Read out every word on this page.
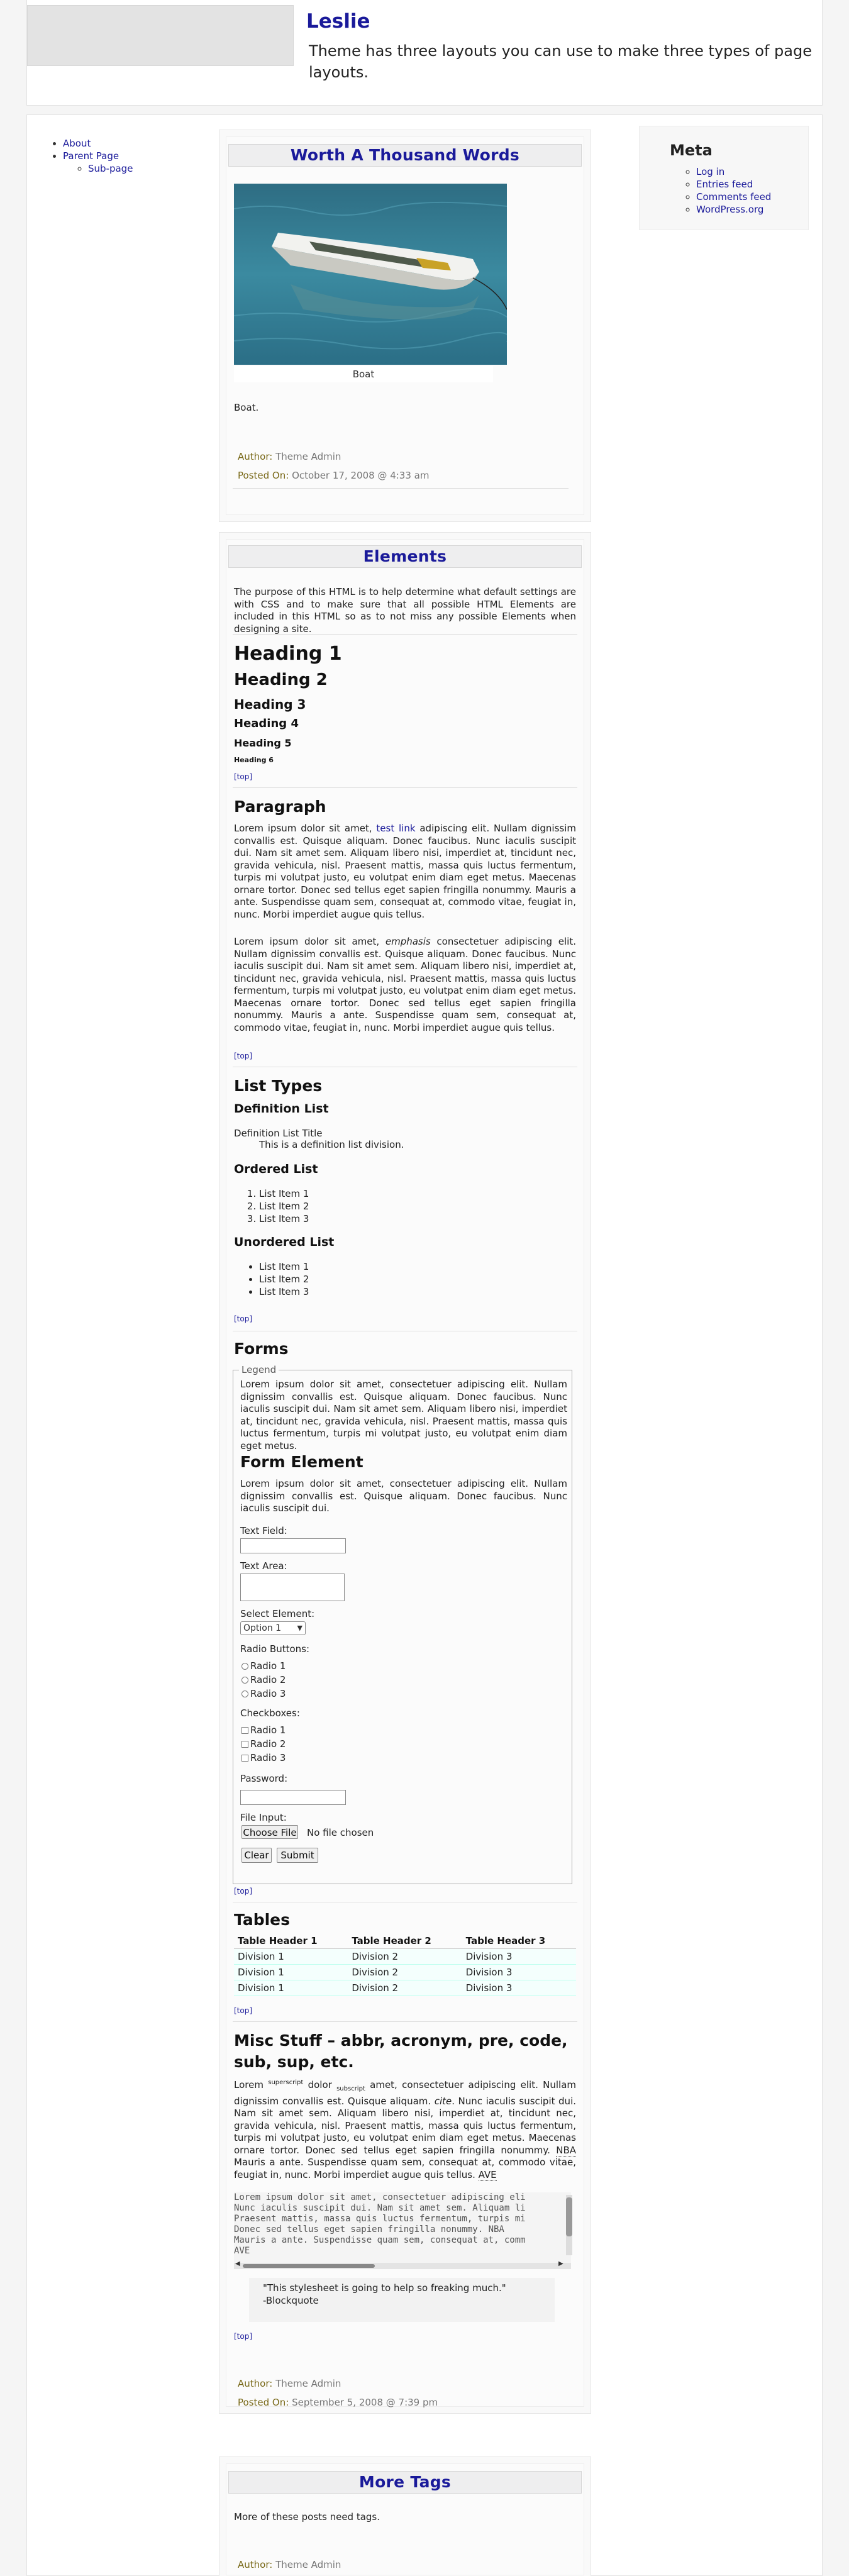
Leslie
Theme has three layouts you can use to make three types of page layouts.
• About
• Parent Page
◦ Sub-page
Meta
◦ Log in
◦ Entries feed
◦ Comments feed
◦ WordPress.org
Worth A Thousand Words
Boat
Boat.
Author: Theme Admin
Posted On: October 17, 2008 @ 4:33 am
Elements
The purpose of this HTML is to help determine what default settings are with CSS and to make sure that all possible HTML Elements are included in this HTML so as to not miss any possible Elements when designing a site.
Heading 1
Heading 2
Heading 3
Heading 4
Heading 5
Heading 6
[top]
Paragraph
Lorem ipsum dolor sit amet, test link adipiscing elit. Nullam dignissim convallis est. Quisque aliquam. Donec faucibus. Nunc iaculis suscipit dui. Nam sit amet sem. Aliquam libero nisi, imperdiet at, tincidunt nec, gravida vehicula, nisl. Praesent mattis, massa quis luctus fermentum, turpis mi volutpat justo, eu volutpat enim diam eget metus. Maecenas ornare tortor. Donec sed tellus eget sapien fringilla nonummy. Mauris a ante. Suspendisse quam sem, consequat at, commodo vitae, feugiat in, nunc. Morbi imperdiet augue quis tellus.
Lorem ipsum dolor sit amet, emphasis consectetuer adipiscing elit. Nullam dignissim convallis est. Quisque aliquam. Donec faucibus. Nunc iaculis suscipit dui. Nam sit amet sem. Aliquam libero nisi, imperdiet at, tincidunt nec, gravida vehicula, nisl. Praesent mattis, massa quis luctus fermentum, turpis mi volutpat justo, eu volutpat enim diam eget metus. Maecenas ornare tortor. Donec sed tellus eget sapien fringilla nonummy. Mauris a ante. Suspendisse quam sem, consequat at, commodo vitae, feugiat in, nunc. Morbi imperdiet augue quis tellus.
[top]
List Types
Definition List
Definition List Title
This is a definition list division.
Ordered List
1. List Item 1
2. List Item 2
3. List Item 3
Unordered List
• List Item 1
• List Item 2
• List Item 3
[top]
Forms
Legend
Lorem ipsum dolor sit amet, consectetuer adipiscing elit. Nullam dignissim convallis est. Quisque aliquam. Donec faucibus. Nunc iaculis suscipit dui. Nam sit amet sem. Aliquam libero nisi, imperdiet at, tincidunt nec, gravida vehicula, nisl. Praesent mattis, massa quis luctus fermentum, turpis mi volutpat justo, eu volutpat enim diam eget metus.
Form Element
Lorem ipsum dolor sit amet, consectetuer adipiscing elit. Nullam dignissim convallis est. Quisque aliquam. Donec faucibus. Nunc iaculis suscipit dui.
Text Field:
Text Area:
Select Element:
Option 1 ▼
Radio Buttons:
Radio 1
Radio 2
Radio 3
Checkboxes:
Radio 1
Radio 2
Radio 3
Password:
File Input:
Choose File No file chosen
Clear	Submit
[top]
Tables
Table Header 1	Table Header 2	Table Header 3
Division 1	Division 2	Division 3
Division 1	Division 2	Division 3
Division 1	Division 2	Division 3
[top]
Misc Stuff – abbr, acronym, pre, code, sub, sup, etc.
Lorem $^{superscript}$ dolor $_{subscript}$ amet, consectetuer adipiscing elit. Nullam dignissim convallis est. Quisque aliquam. cite. Nunc iaculis suscipit dui. Nam sit amet sem. Aliquam libero nisi, imperdiet at, tincidunt nec, gravida vehicula, nisl. Praesent mattis, massa quis luctus fermentum, turpis mi volutpat justo, eu volutpat enim diam eget metus. Maecenas ornare tortor. Donec sed tellus eget sapien fringilla nonummy. NBA Mauris a ante. Suspendisse quam sem, consequat at, commodo vitae, feugiat in, nunc. Morbi imperdiet augue quis tellus. AVE
Lorem ipsum dolor sit amet, consectetuer adipiscing eli
Nunc iaculis suscipit dui. Nam sit amet sem. Aliquam li
Praesent mattis, massa quis luctus fermentum, turpis mi
Donec sed tellus eget sapien fringilla nonummy. NBA
Mauris a ante. Suspendisse quam sem, consequat at, comm
AVE
◀	▶
"This stylesheet is going to help so freaking much."
-Blockquote
[top]
Author: Theme Admin
Posted On: September 5, 2008 @ 7:39 pm
More Tags
More of these posts need tags.
Author: Theme Admin
